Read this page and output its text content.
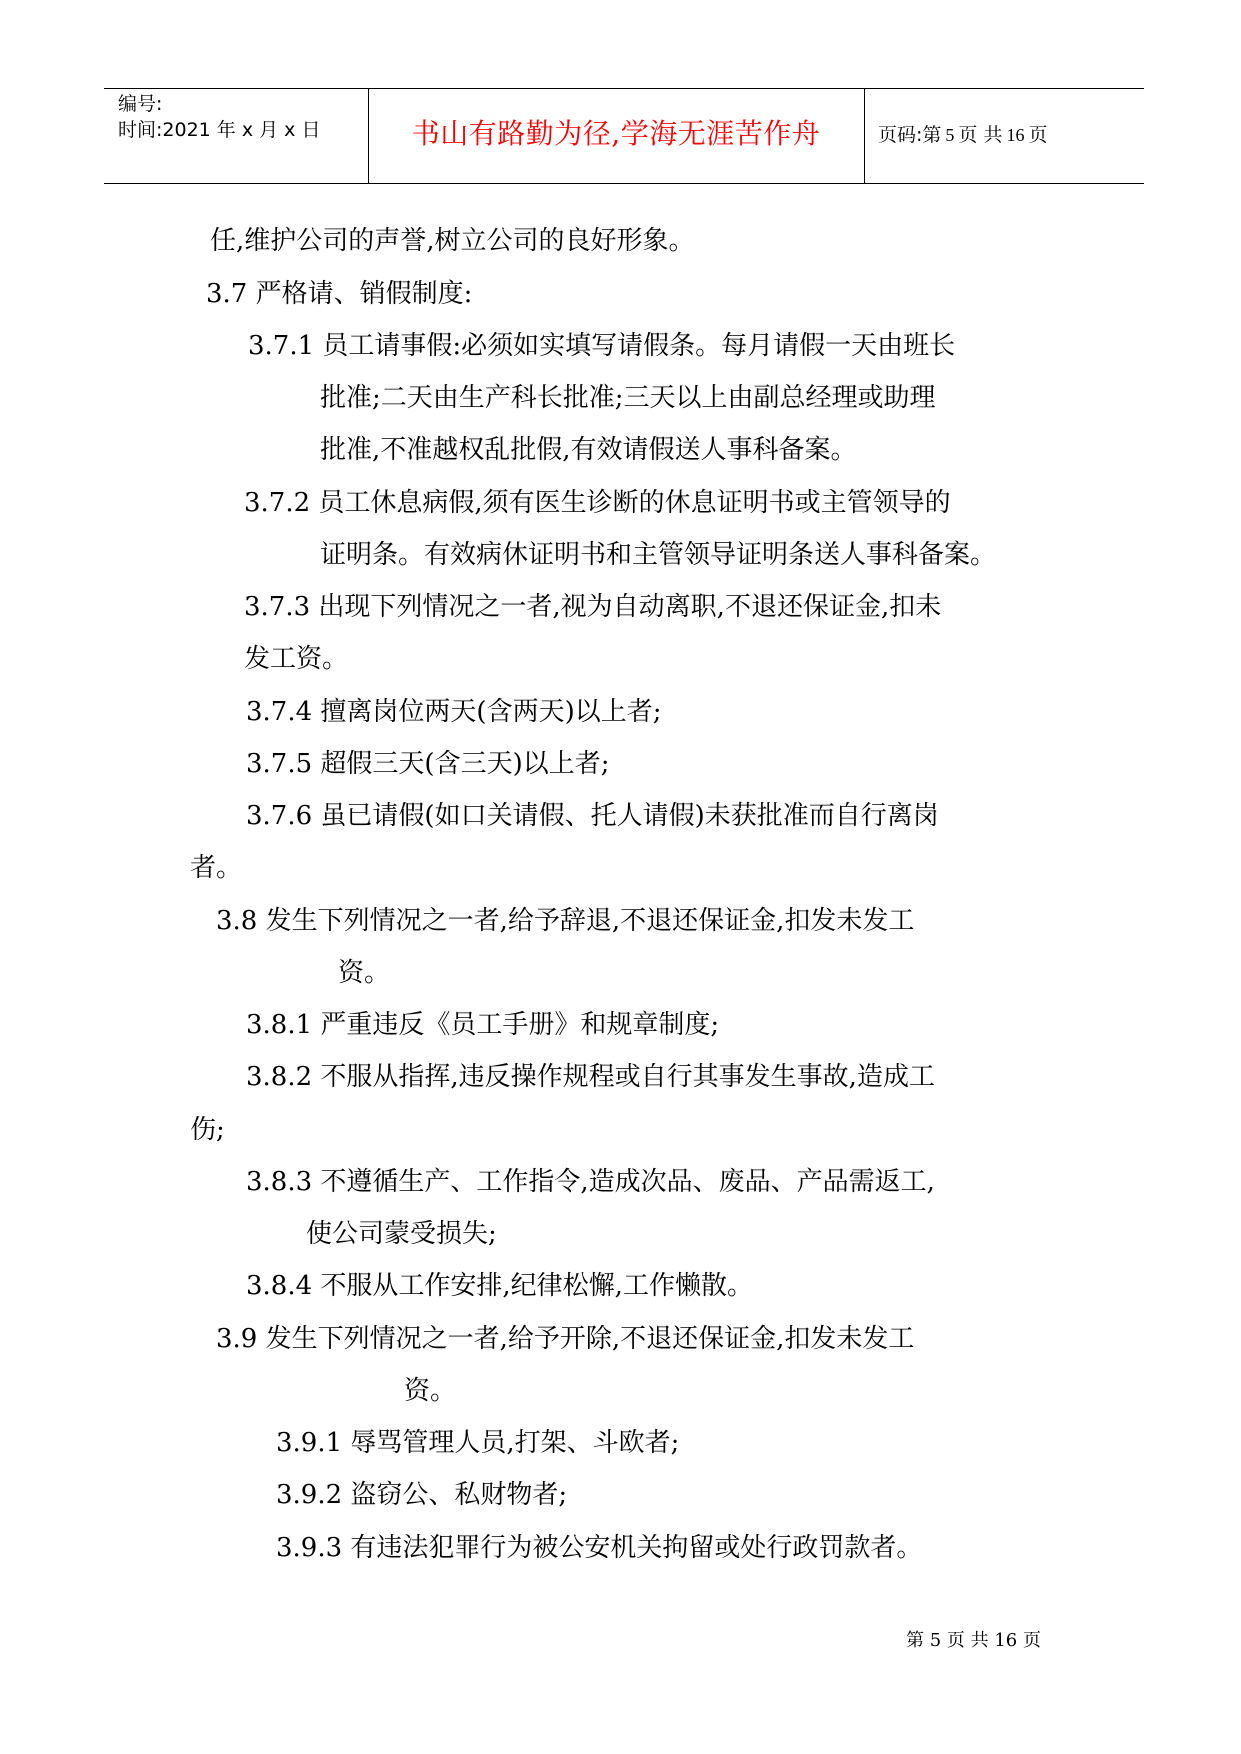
编号:
时间:2021 年 x 月 x 日	书山有路勤为径,学海无涯苦作舟	页码:第 5 页 共 16 页
任,维护公司的声誉,树立公司的良好形象。
3.7 严格请、销假制度:
3.7.1 员工请事假:必须如实填写请假条。每月请假一天由班长
批准;二天由生产科长批准;三天以上由副总经理或助理
批准,不准越权乱批假,有效请假送人事科备案。
3.7.2 员工休息病假,须有医生诊断的休息证明书或主管领导的
证明条。有效病休证明书和主管领导证明条送人事科备案。
3.7.3 出现下列情况之一者,视为自动离职,不退还保证金,扣未
发工资。
3.7.4 擅离岗位两天(含两天)以上者;
3.7.5 超假三天(含三天)以上者;
3.7.6 虽已请假(如口关请假、托人请假)未获批准而自行离岗
者。
3.8 发生下列情况之一者,给予辞退,不退还保证金,扣发未发工
资。
3.8.1 严重违反《员工手册》和规章制度;
3.8.2 不服从指挥,违反操作规程或自行其事发生事故,造成工
伤;
3.8.3 不遵循生产、工作指令,造成次品、废品、产品需返工,
使公司蒙受损失;
3.8.4 不服从工作安排,纪律松懈,工作懒散。
3.9 发生下列情况之一者,给予开除,不退还保证金,扣发未发工
资。
3.9.1 辱骂管理人员,打架、斗欧者;
3.9.2 盗窃公、私财物者;
3.9.3 有违法犯罪行为被公安机关拘留或处行政罚款者。
第 5 页 共 16 页
